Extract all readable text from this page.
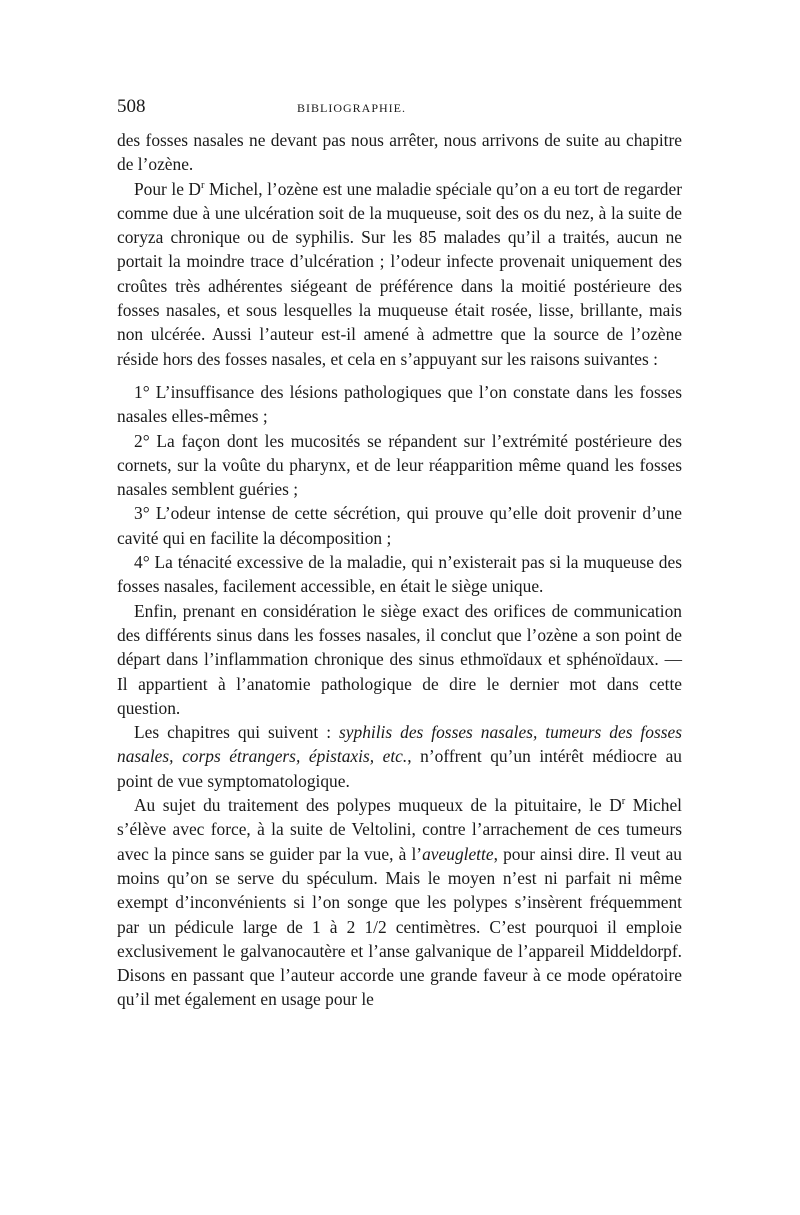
508	BIBLIOGRAPHIE.

des fosses nasales ne devant pas nous arrêter, nous arrivons de suite au chapitre de l’ozène.

Pour le $D^r$ Michel, l’ozène est une maladie spéciale qu’on a eu tort de regarder comme due à une ulcération soit de la muqueuse, soit des os du nez, à la suite de coryza chronique ou de syphilis. Sur les 85 malades qu’il a traités, aucun ne portait la moindre trace d’ulcération ; l’odeur infecte provenait uniquement des croûtes très adhérentes siégeant de préférence dans la moitié postérieure des fosses nasales, et sous lesquelles la muqueuse était rosée, lisse, brillante, mais non ulcérée. Aussi l’auteur est-il amené à admettre que la source de l’ozène réside hors des fosses nasales, et cela en s’appuyant sur les raisons suivantes :

1° L’insuffisance des lésions pathologiques que l’on constate dans les fosses nasales elles-mêmes ;

2° La façon dont les mucosités se répandent sur l’extrémité postérieure des cornets, sur la voûte du pharynx, et de leur réapparition même quand les fosses nasales semblent guéries ;

3° L’odeur intense de cette sécrétion, qui prouve qu’elle doit provenir d’une cavité qui en facilite la décomposition ;

4° La ténacité excessive de la maladie, qui n’existerait pas si la muqueuse des fosses nasales, facilement accessible, en était le siège unique.

Enfin, prenant en considération le siège exact des orifices de communication des différents sinus dans les fosses nasales, il conclut que l’ozène a son point de départ dans l’inflammation chronique des sinus ethmoïdaux et sphénoïdaux. — Il appartient à l’anatomie pathologique de dire le dernier mot dans cette question.

Les chapitres qui suivent : syphilis des fosses nasales, tumeurs des fosses nasales, corps étrangers, épistaxis, etc., n’offrent qu’un intérêt médiocre au point de vue symptomatologique.

Au sujet du traitement des polypes muqueux de la pituitaire, le $D^r$ Michel s’élève avec force, à la suite de Veltolini, contre l’arrachement de ces tumeurs avec la pince sans se guider par la vue, à l’aveuglette, pour ainsi dire. Il veut au moins qu’on se serve du spéculum. Mais le moyen n’est ni parfait ni même exempt d’inconvénients si l’on songe que les polypes s’insèrent fréquemment par un pédicule large de 1 à 2 1/2 centimètres. C’est pourquoi il emploie exclusivement le galvanocautère et l’anse galvanique de l’appareil Middeldorpf. Disons en passant que l’auteur accorde une grande faveur à ce mode opératoire qu’il met également en usage pour le
